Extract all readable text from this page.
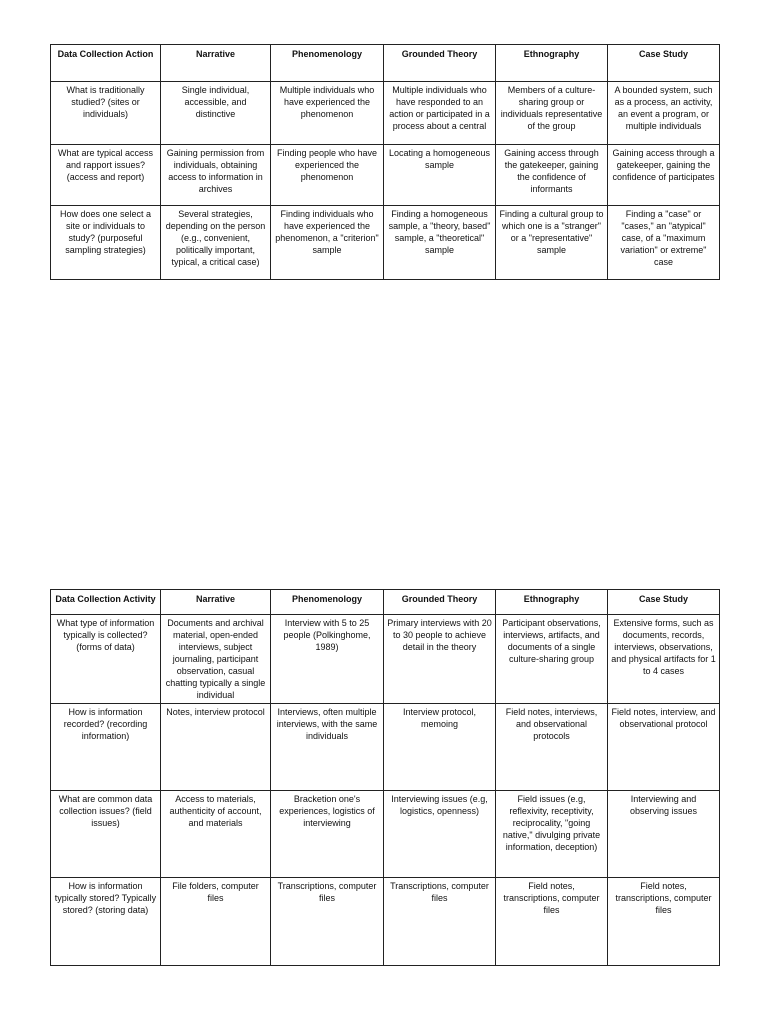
Data Collection Action	Narrative	Phenomenology	Grounded Theory	Ethnography	Case Study
What is traditionally studied? (sites or individuals)	Single individual, accessible, and distinctive	Multiple individuals who have experienced the phenomenon	Multiple individuals who have responded to an action or participated in a process about a central	Members of a culture-sharing group or individuals representative of the group	A bounded system, such as a process, an activity, an event a program, or multiple individuals
What are typical access and rapport issues? (access and report)	Gaining permission from individuals, obtaining access to information in archives	Finding people who have experienced the phenomenon	Locating a homogeneous sample	Gaining access through the gatekeeper, gaining the confidence of informants	Gaining access through a gatekeeper, gaining the confidence of participates
How does one select a site or individuals to study? (purposeful sampling strategies)	Several strategies, depending on the person (e.g., convenient, politically important, typical, a critical case)	Finding individuals who have experienced the phenomenon, a "criterion" sample	Finding a homogeneous sample, a "theory, based" sample, a "theoretical" sample	Finding a cultural group to which one is a "stranger" or a "representative" sample	Finding a "case" or "cases," an "atypical" case, of a "maximum variation" or extreme" case
Data Collection Activity	Narrative	Phenomenology	Grounded Theory	Ethnography	Case Study
What type of information typically is collected? (forms of data)	Documents and archival material, open-ended interviews, subject journaling, participant observation, casual chatting typically a single individual	Interview with 5 to 25 people (Polkinghome, 1989)	Primary interviews with 20 to 30 people to achieve detail in the theory	Participant observations, interviews, artifacts, and documents of a single culture-sharing group	Extensive forms, such as documents, records, interviews, observations, and physical artifacts for 1 to 4 cases
How is information recorded? (recording information)	Notes, interview protocol	Interviews, often multiple interviews, with the same individuals	Interview protocol, memoing	Field notes, interviews, and observational protocols	Field notes, interview, and observational protocol
What are common data collection issues? (field issues)	Access to materials, authenticity of account, and materials	Bracketion one's experiences, logistics of interviewing	Interviewing issues (e.g, logistics, openness)	Field issues (e.g, reflexivity, receptivity, reciprocality, "going native," divulging private information, deception)	Interviewing and observing issues
How is information typically stored? Typically stored? (storing data)	File folders, computer files	Transcriptions, computer files	Transcriptions, computer files	Field notes, transcriptions, computer files	Field notes, transcriptions, computer files
